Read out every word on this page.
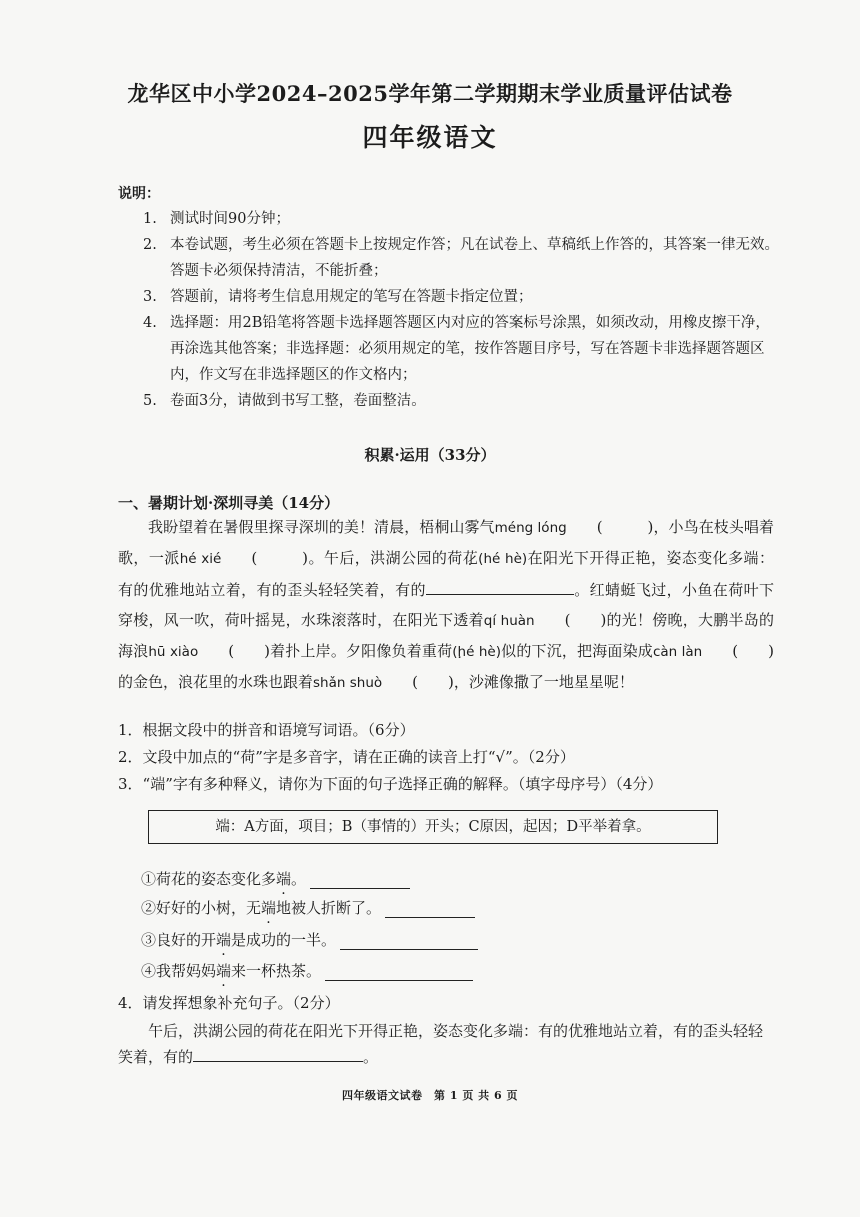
龙华区中小学2024–2025学年第二学期期末学业质量评估试卷
四年级语文
说明：
1. 测试时间90分钟；
2. 本卷试题，考生必须在答题卡上按规定作答；凡在试卷上、草稿纸上作答的，其答案一律无效。答题卡必须保持清洁，不能折叠；
3. 答题前，请将考生信息用规定的笔写在答题卡指定位置；
4. 选择题：用2B铅笔将答题卡选择题答题区内对应的答案标号涂黑，如须改动，用橡皮擦干净，再涂选其他答案；非选择题：必须用规定的笔，按作答题目序号，写在答题卡非选择题答题区内，作文写在非选择题区的作文格内；
5. 卷面3分，请做到书写工整，卷面整洁。
积累·运用（33分）
一、暑期计划·深圳寻美（14分）

我盼望着在暑假里探寻深圳的美！清晨，梧桐山雾气méng lóng (　　　)，小鸟在枝头唱着歌，一派hé xié (　　　)。午后，洪湖公园的荷花(hé hè)在阳光下开得正艳，姿态变化多端：有的优雅地站立着，有的歪头轻轻笑着，有的	。红蜻蜓飞过，小鱼在荷叶下穿梭，风一吹，荷叶摇晃，水珠滚落时，在阳光下透着qí huàn (　　)的光！傍晚，大鹏半岛的海浪hū xiào (　　)着扑上岸。夕阳像负着重荷(hé hè)似的下沉，把海面染成càn làn (　　)的金色，浪花里的水珠也跟着shǎn shuò (　　)，沙滩像撒了一地星星呢！

1．根据文段中的拼音和语境写词语。（6分）
2．文段中加点的“荷”字是多音字，请在正确的读音上打“√”。（2分）
3．“端”字有多种释义，请你为下面的句子选择正确的解释。（填字母序号）（4分）
端：A方面，项目；B（事情的）开头；C原因，起因；D平举着拿。
①荷花的姿态变化多 端 · 。
②好好的小树，无 端 · 地被人折断了。
③良好的开 端 · 是成功的一半。
④我帮妈妈 端 · 来一杯热茶。
4．请发挥想象补充句子。（2分）

午后，洪湖公园的荷花在阳光下开得正艳，姿态变化多端：有的优雅地站立着，有的歪头轻轻笑着，有的	。

四年级语文试卷　第 1 页 共 6 页
